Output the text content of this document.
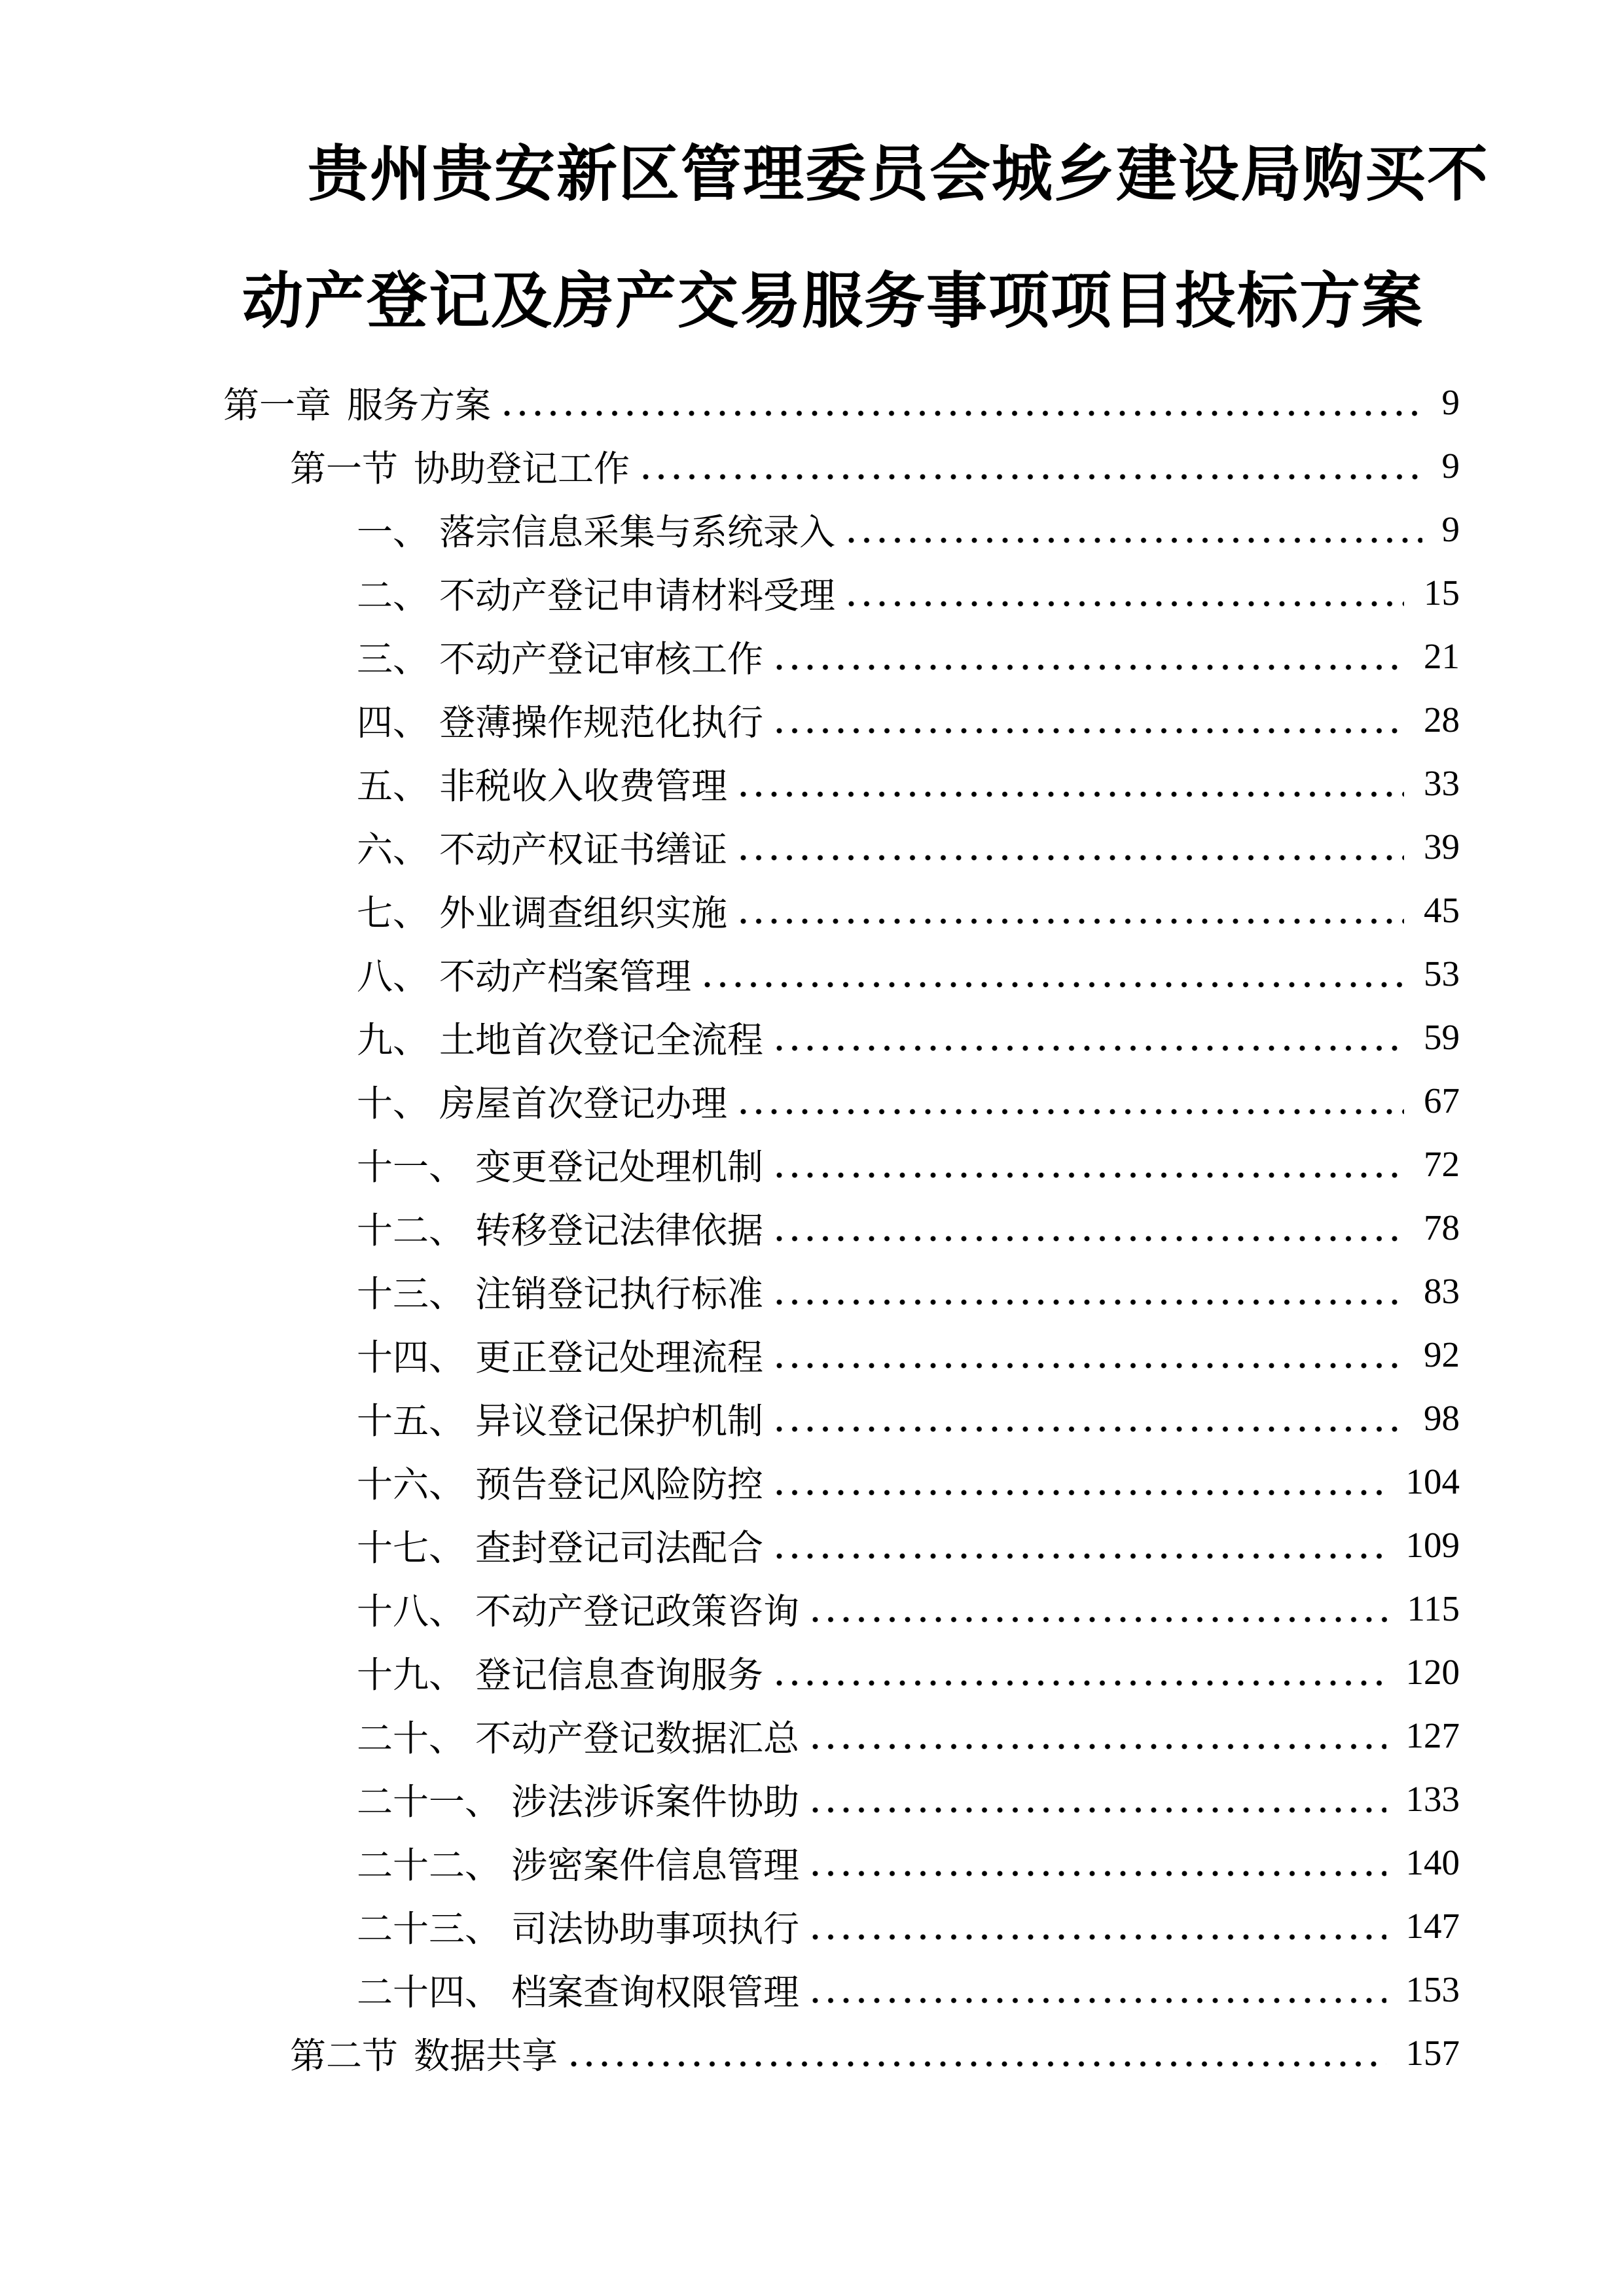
贵州贵安新区管理委员会城乡建设局购买不
动产登记及房产交易服务事项项目投标方案
第一章 服务方案	9
第一节 协助登记工作	9
一、 落宗信息采集与系统录入	9
二、 不动产登记申请材料受理	15
三、 不动产登记审核工作	21
四、 登薄操作规范化执行	28
五、 非税收入收费管理	33
六、 不动产权证书缮证	39
七、 外业调查组织实施	45
八、 不动产档案管理	53
九、 土地首次登记全流程	59
十、 房屋首次登记办理	67
十一、 变更登记处理机制	72
十二、 转移登记法律依据	78
十三、 注销登记执行标准	83
十四、 更正登记处理流程	92
十五、 异议登记保护机制	98
十六、 预告登记风险防控	104
十七、 查封登记司法配合	109
十八、 不动产登记政策咨询	115
十九、 登记信息查询服务	120
二十、 不动产登记数据汇总	127
二十一、 涉法涉诉案件协助	133
二十二、 涉密案件信息管理	140
二十三、 司法协助事项执行	147
二十四、 档案查询权限管理	153
第二节 数据共享	157
